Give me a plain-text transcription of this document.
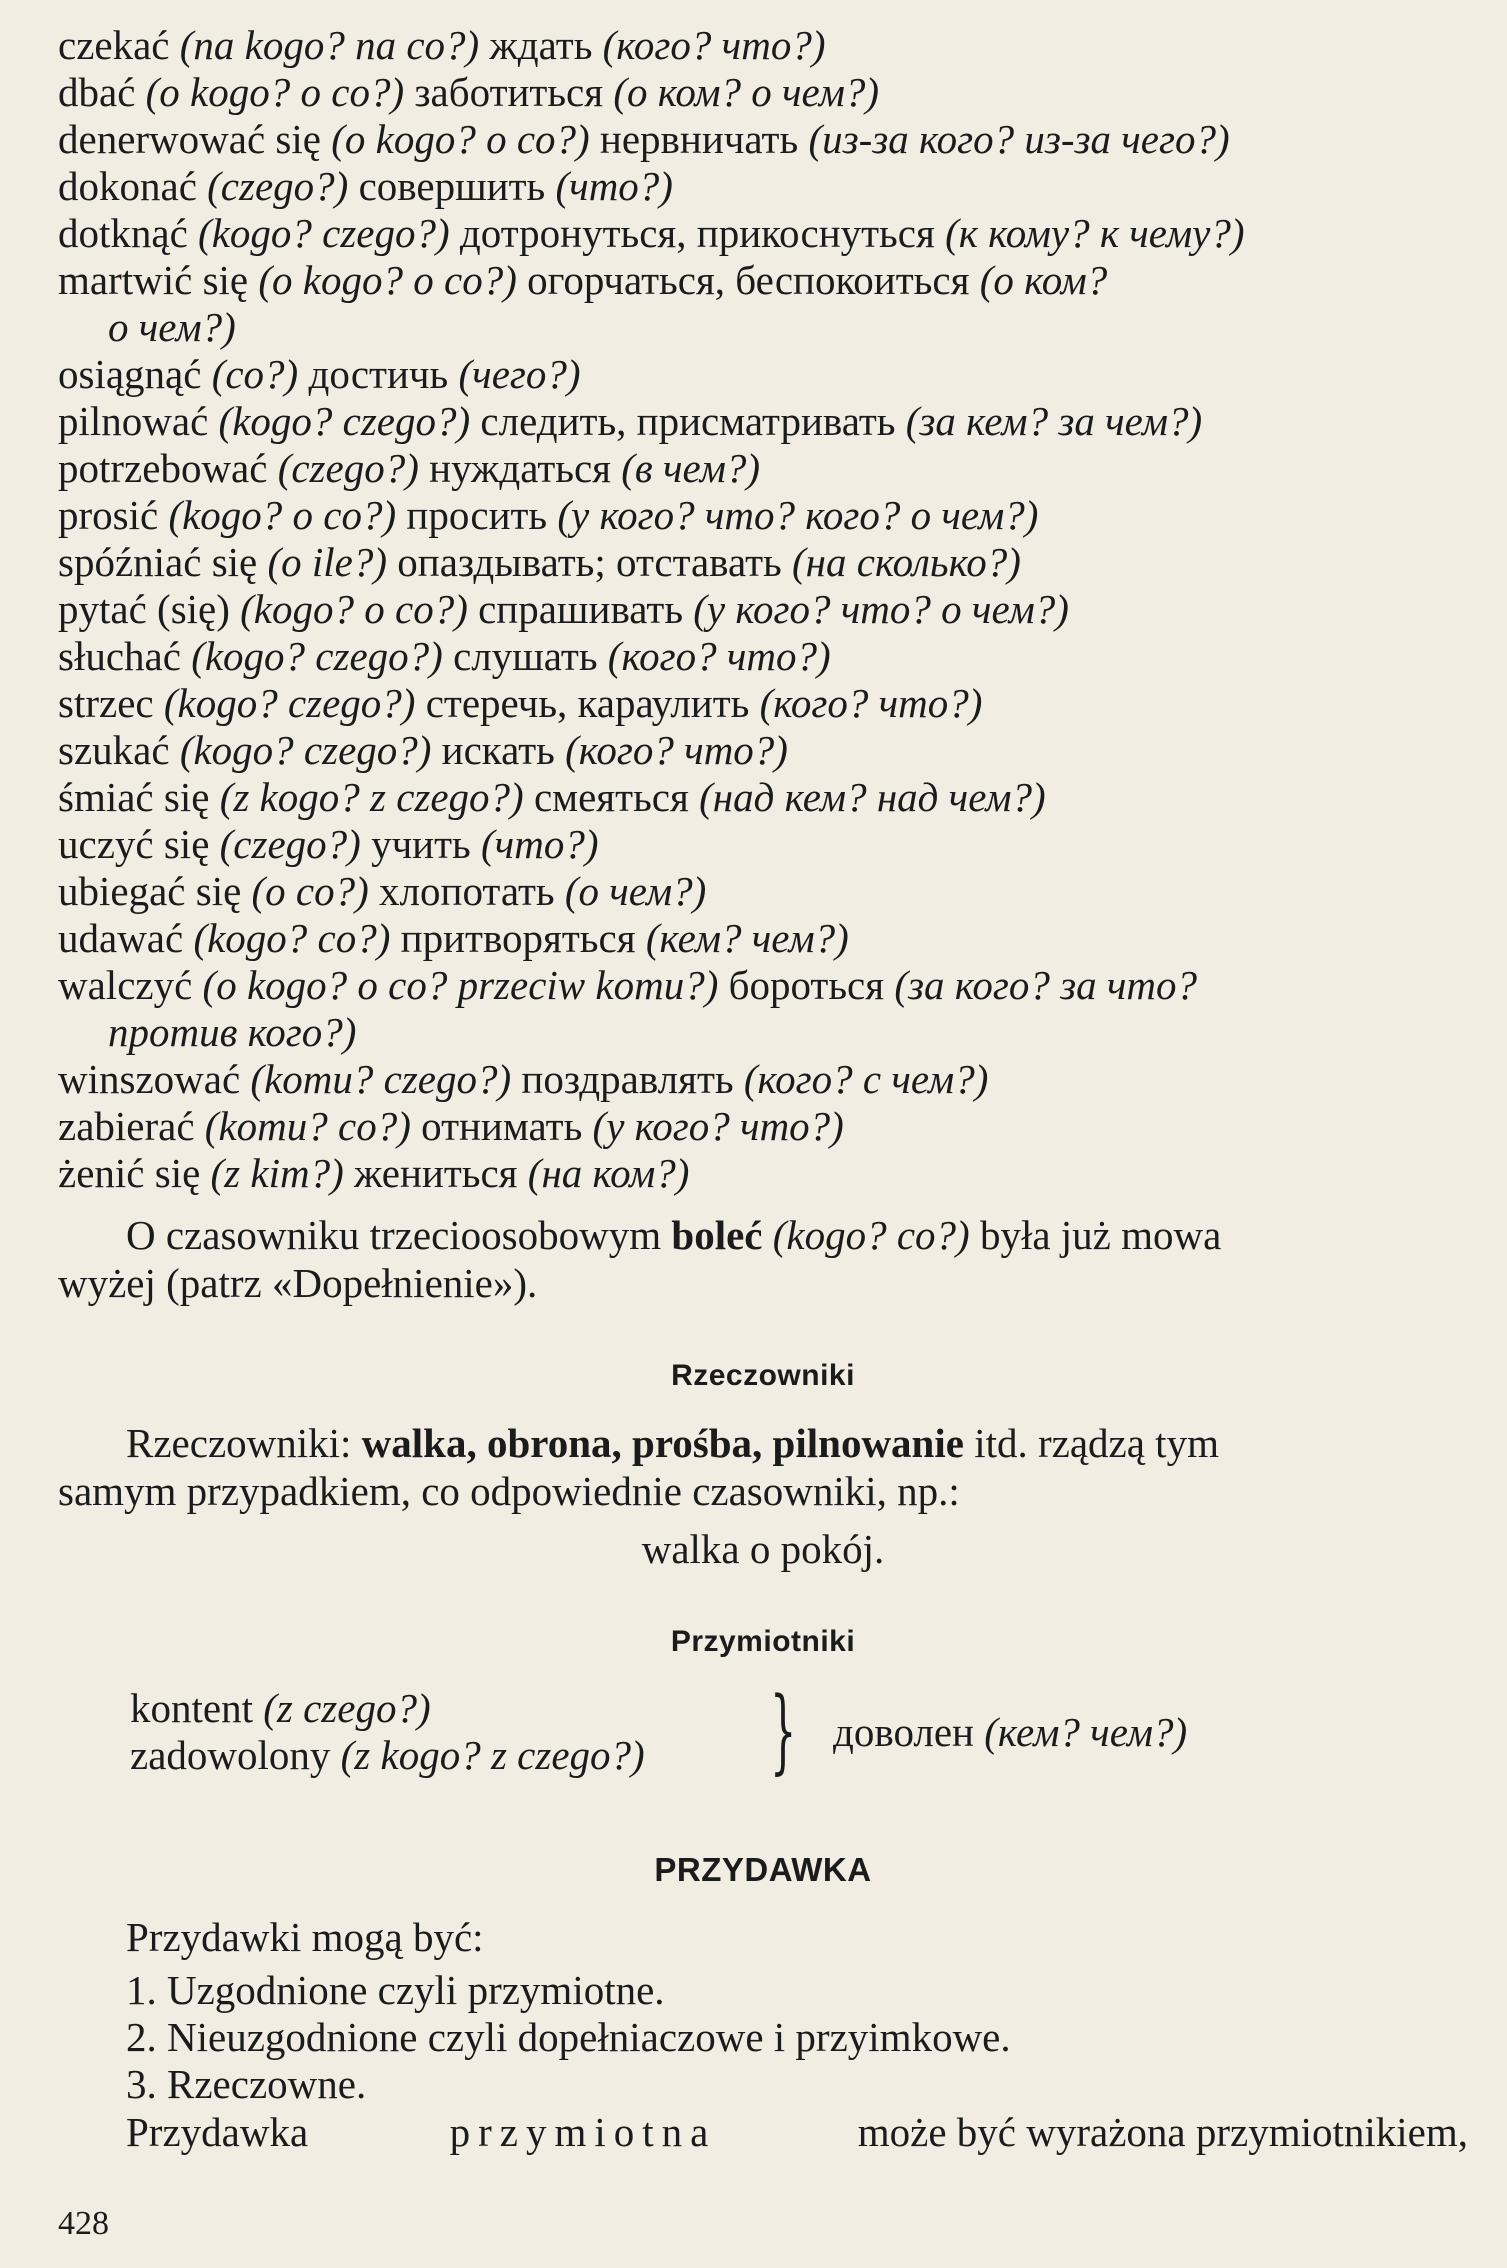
czekać (na kogo? na co?) ждать (кого? что?)
dbać (o kogo? o co?) заботиться (о ком? о чем?)
denerwować się (o kogo? o co?) нервничать (из-за кого? из-за чего?)
dokonać (czego?) совершить (что?)
dotknąć (kogo? czego?) дотронуться, прикоснуться (к кому? к чему?)
martwić się (o kogo? o co?) огорчаться, беспокоиться (о ком?
о чем?)
osiągnąć (co?) достичь (чего?)
pilnować (kogo? czego?) следить, присматривать (за кем? за чем?)
potrzebować (czego?) нуждаться (в чем?)
prosić (kogo? o co?) просить (у кого? что? кого? о чем?)
spóźniać się (o ile?) опаздывать; отставать (на сколько?)
pytać (się) (kogo? o co?) спрашивать (у кого? что? о чем?)
słuchać (kogo? czego?) слушать (кого? что?)
strzec (kogo? czego?) стеречь, караулить (кого? что?)
szukać (kogo? czego?) искать (кого? что?)
śmiać się (z kogo? z czego?) смеяться (над кем? над чем?)
uczyć się (czego?) учить (что?)
ubiegać się (o co?) хлопотать (о чем?)
udawać (kogo? co?) притворяться (кем? чем?)
walczyć (o kogo? o co? przeciw komu?) бороться (за кого? за что?
против кого?)
winszować (komu? czego?) поздравлять (кого? с чем?)
zabierać (komu? co?) отнимать (у кого? что?)
żenić się (z kim?) жениться (на ком?)
O czasowniku trzecioosobowym boleć (kogo? co?) była już mowa
wyżej (patrz «Dopełnienie»).
Rzeczowniki
Rzeczowniki: walka, obrona, prośba, pilnowanie itd. rządzą tym
samym przypadkiem, co odpowiednie czasowniki, np.:
walka o pokój.
Przymiotniki
kontent (z czego?)
zadowolony (z kogo? z czego?) } доволен (кем? чем?)
PRZYDAWKA
Przydawki mogą być:
1. Uzgodnione czyli przymiotne.
2. Nieuzgodnione czyli dopełniaczowe i przyimkowe.
3. Rzeczowne.
Przydawka	przymiotna	może być wyrażona przymiotnikiem,
428
